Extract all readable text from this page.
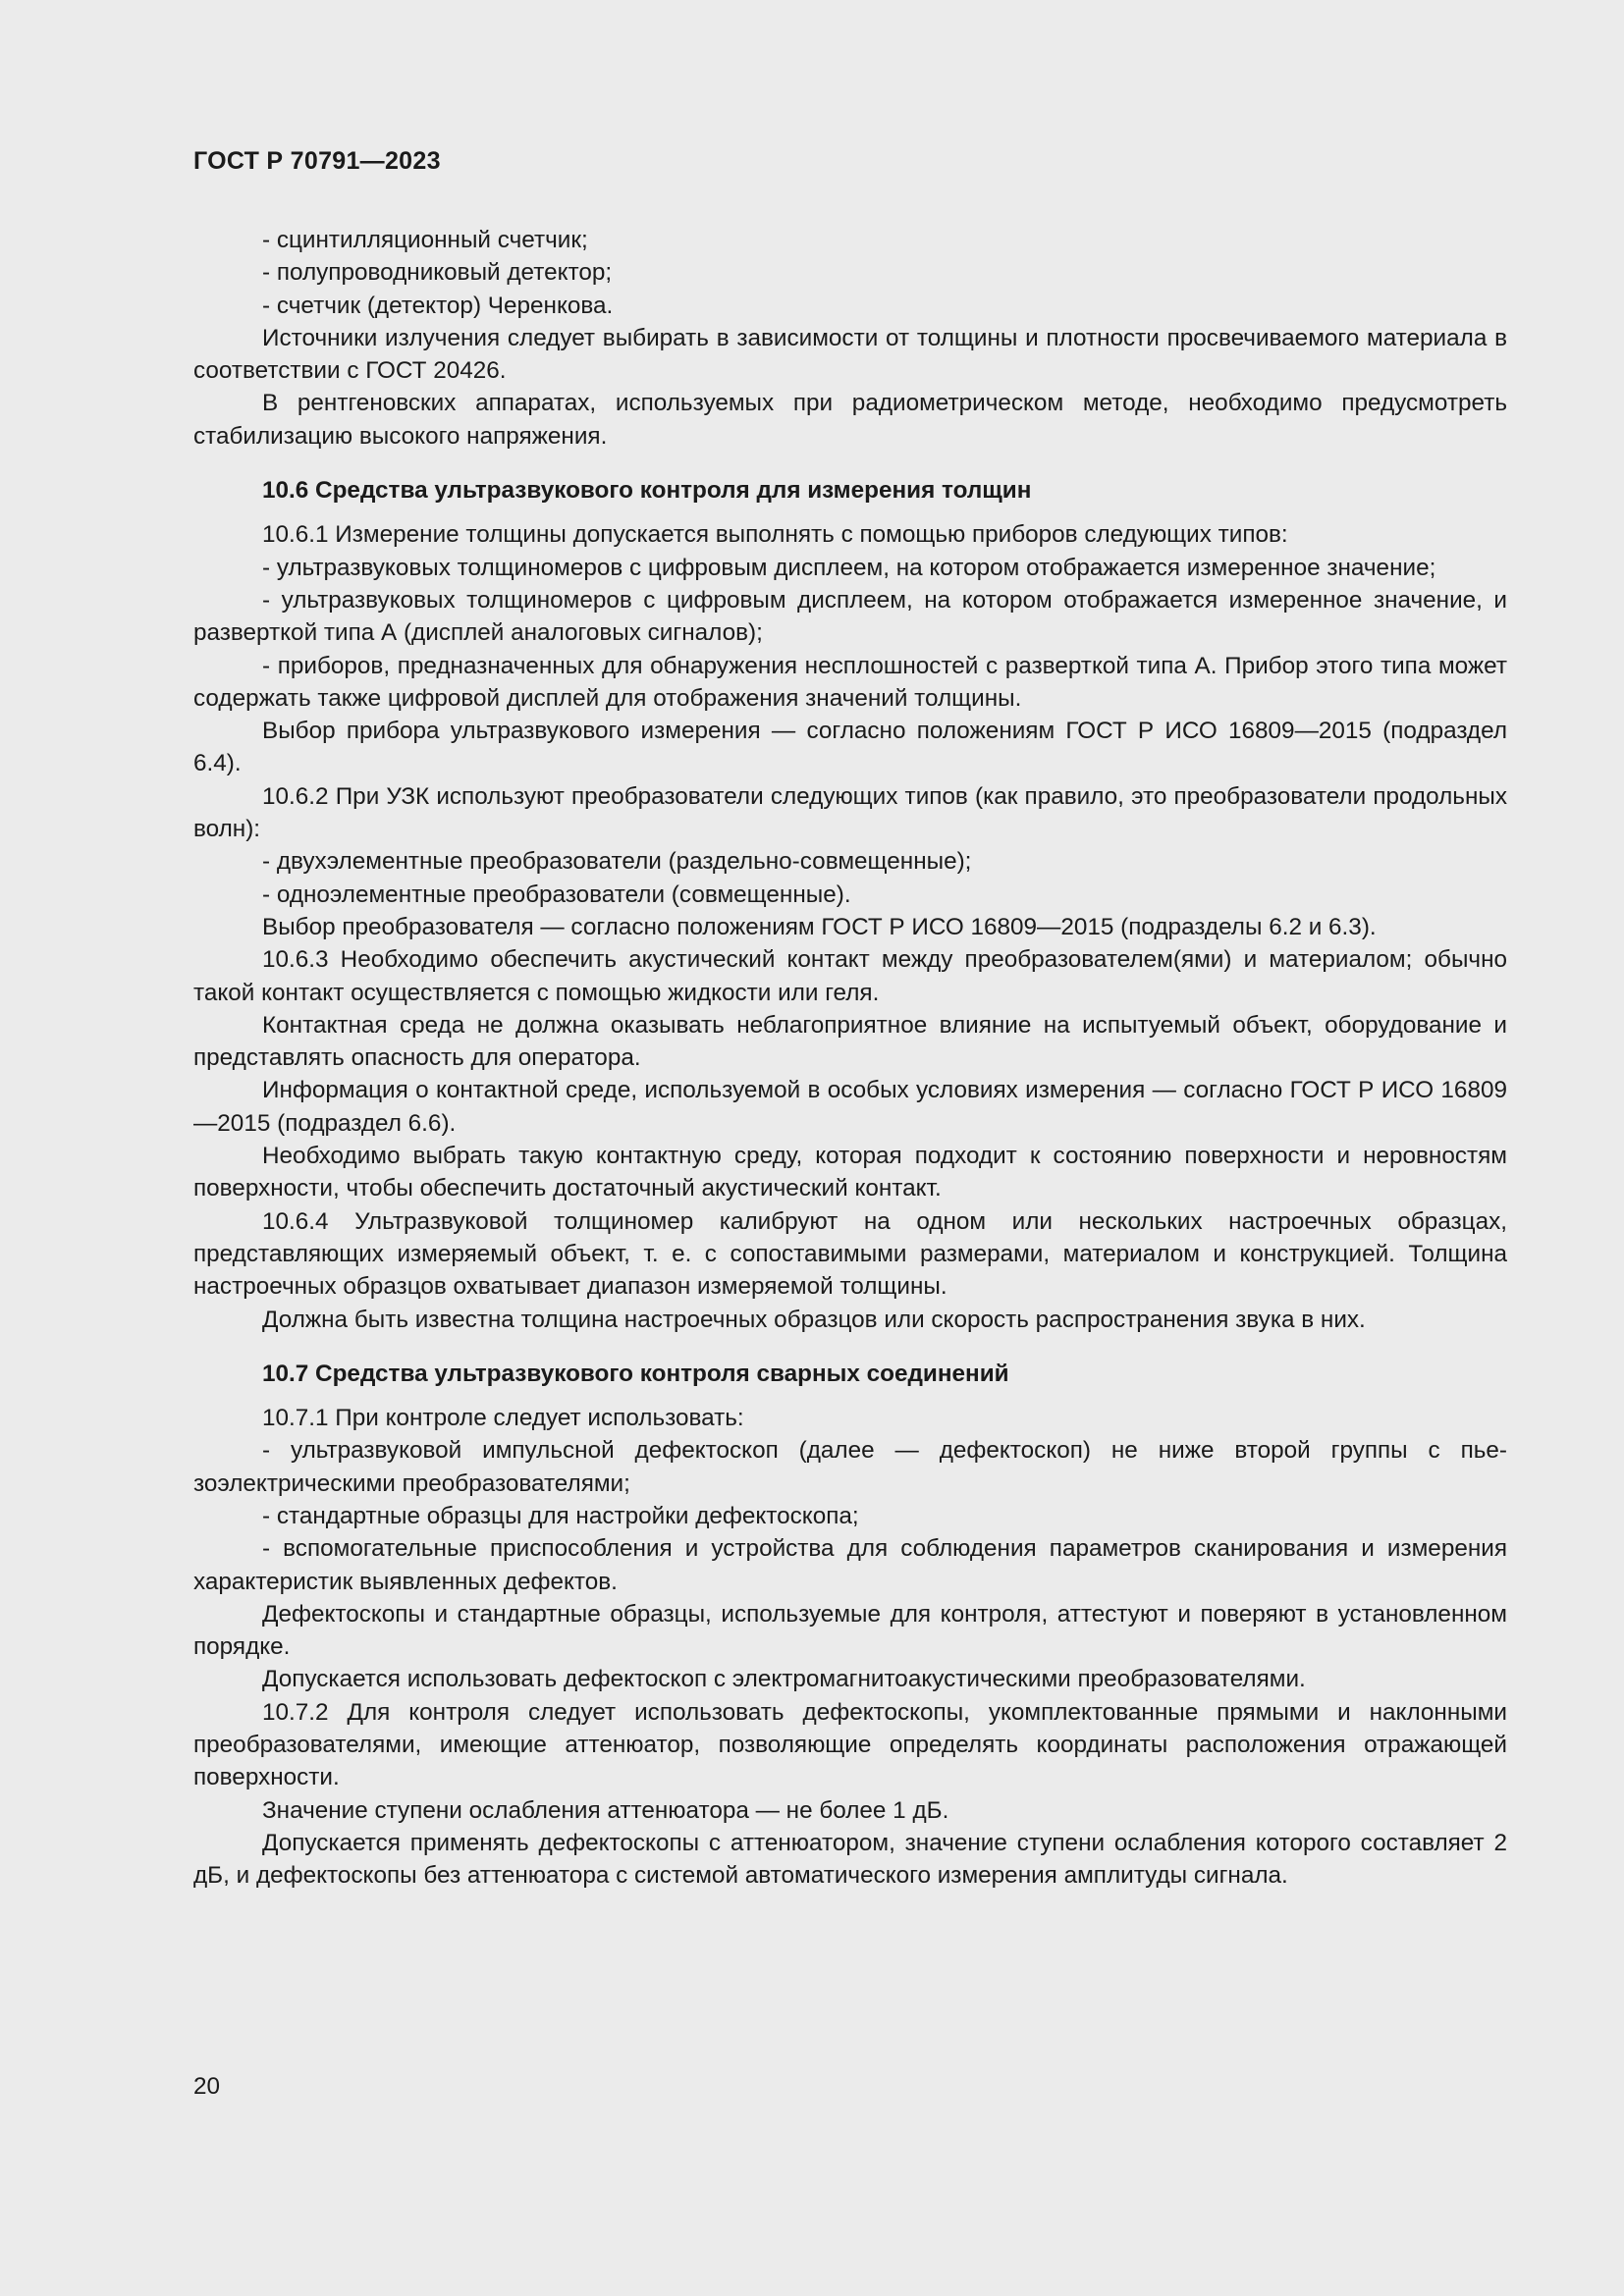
ГОСТ Р 70791—2023

- сцинтилляционный счетчик;

- полупроводниковый детектор;

- счетчик (детектор) Черенкова.

Источники излучения следует выбирать в зависимости от толщины и плотности просвечиваемого материала в соответствии с ГОСТ 20426.

В рентгеновских аппаратах, используемых при радиометрическом методе, необходимо предусмотреть стабилизацию высокого напряжения.

10.6 Средства ультразвукового контроля для измерения толщин

10.6.1 Измерение толщины допускается выполнять с помощью приборов следующих типов:

- ультразвуковых толщиномеров с цифровым дисплеем, на котором отображается измеренное значение;

- ультразвуковых толщиномеров с цифровым дисплеем, на котором отображается измеренное значение, и разверткой типа А (дисплей аналоговых сигналов);

- приборов, предназначенных для обнаружения несплошностей с разверткой типа А. Прибор этого типа может содержать также цифровой дисплей для отображения значений толщины.

Выбор прибора ультразвукового измерения — согласно положениям ГОСТ Р ИСО 16809—2015 (подраздел 6.4).

10.6.2 При УЗК используют преобразователи следующих типов (как правило, это преобразователи продольных волн):

- двухэлементные преобразователи (раздельно-совмещенные);

- одноэлементные преобразователи (совмещенные).

Выбор преобразователя — согласно положениям ГОСТ Р ИСО 16809—2015 (подразделы 6.2 и 6.3).

10.6.3 Необходимо обеспечить акустический контакт между преобразователем(ями) и материалом; обычно такой контакт осуществляется с помощью жидкости или геля.

Контактная среда не должна оказывать неблагоприятное влияние на испытуемый объект, оборудование и представлять опасность для оператора.

Информация о контактной среде, используемой в особых условиях измерения — согласно ГОСТ Р ИСО 16809—2015 (подраздел 6.6).

Необходимо выбрать такую контактную среду, которая подходит к состоянию поверхности и неровностям поверхности, чтобы обеспечить достаточный акустический контакт.

10.6.4 Ультразвуковой толщиномер калибруют на одном или нескольких настроечных образцах, представляющих измеряемый объект, т. е. с сопоставимыми размерами, материалом и конструкцией. Толщина настроечных образцов охватывает диапазон измеряемой толщины.

Должна быть известна толщина настроечных образцов или скорость распространения звука в них.

10.7 Средства ультразвукового контроля сварных соединений

10.7.1 При контроле следует использовать:

- ультразвуковой импульсной дефектоскоп (далее — дефектоскоп) не ниже второй группы с пьезоэлектрическими преобразователями;

- стандартные образцы для настройки дефектоскопа;

- вспомогательные приспособления и устройства для соблюдения параметров сканирования и измерения характеристик выявленных дефектов.

Дефектоскопы и стандартные образцы, используемые для контроля, аттестуют и поверяют в установленном порядке.

Допускается использовать дефектоскоп с электромагнитоакустическими преобразователями.

10.7.2 Для контроля следует использовать дефектоскопы, укомплектованные прямыми и наклонными преобразователями, имеющие аттенюатор, позволяющие определять координаты расположения отражающей поверхности.

Значение ступени ослабления аттенюатора — не более 1 дБ.

Допускается применять дефектоскопы с аттенюатором, значение ступени ослабления которого составляет 2 дБ, и дефектоскопы без аттенюатора с системой автоматического измерения амплитуды сигнала.

20
